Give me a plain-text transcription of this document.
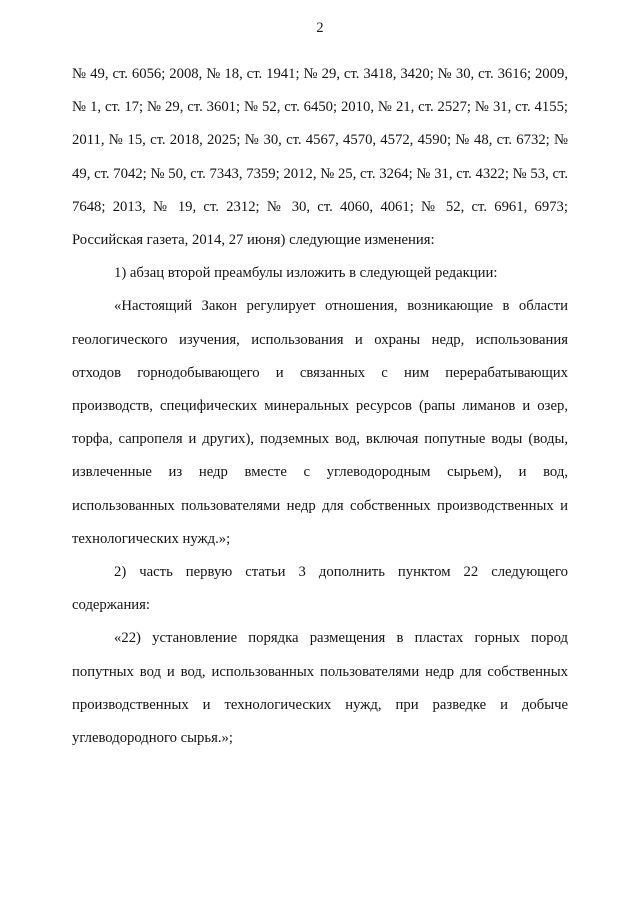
2

№ 49, ст. 6056; 2008, № 18, ст. 1941; № 29, ст. 3418, 3420; № 30, ст. 3616; 2009, № 1, ст. 17; № 29, ст. 3601; № 52, ст. 6450; 2010, № 21, ст. 2527; № 31, ст. 4155; 2011, № 15, ст. 2018, 2025; № 30, ст. 4567, 4570, 4572, 4590; № 48, ст. 6732; № 49, ст. 7042; № 50, ст. 7343, 7359; 2012, № 25, ст. 3264; № 31, ст. 4322; № 53, ст. 7648; 2013, № 19, ст. 2312; № 30, ст. 4060, 4061; № 52, ст. 6961, 6973; Российская газета, 2014, 27 июня) следующие изменения:

1) абзац второй преамбулы изложить в следующей редакции:

«Настоящий Закон регулирует отношения, возникающие в области геологического изучения, использования и охраны недр, использования отходов горнодобывающего и связанных с ним перерабатывающих производств, специфических минеральных ресурсов (рапы лиманов и озер, торфа, сапропеля и других), подземных вод, включая попутные воды (воды, извлеченные из недр вместе с углеводородным сырьем), и вод, использованных пользователями недр для собственных производственных и технологических нужд.»;

2) часть первую статьи 3 дополнить пунктом 22 следующего содержания:

«22) установление порядка размещения в пластах горных пород попутных вод и вод, использованных пользователями недр для собственных производственных и технологических нужд, при разведке и добыче углеводородного сырья.»;
